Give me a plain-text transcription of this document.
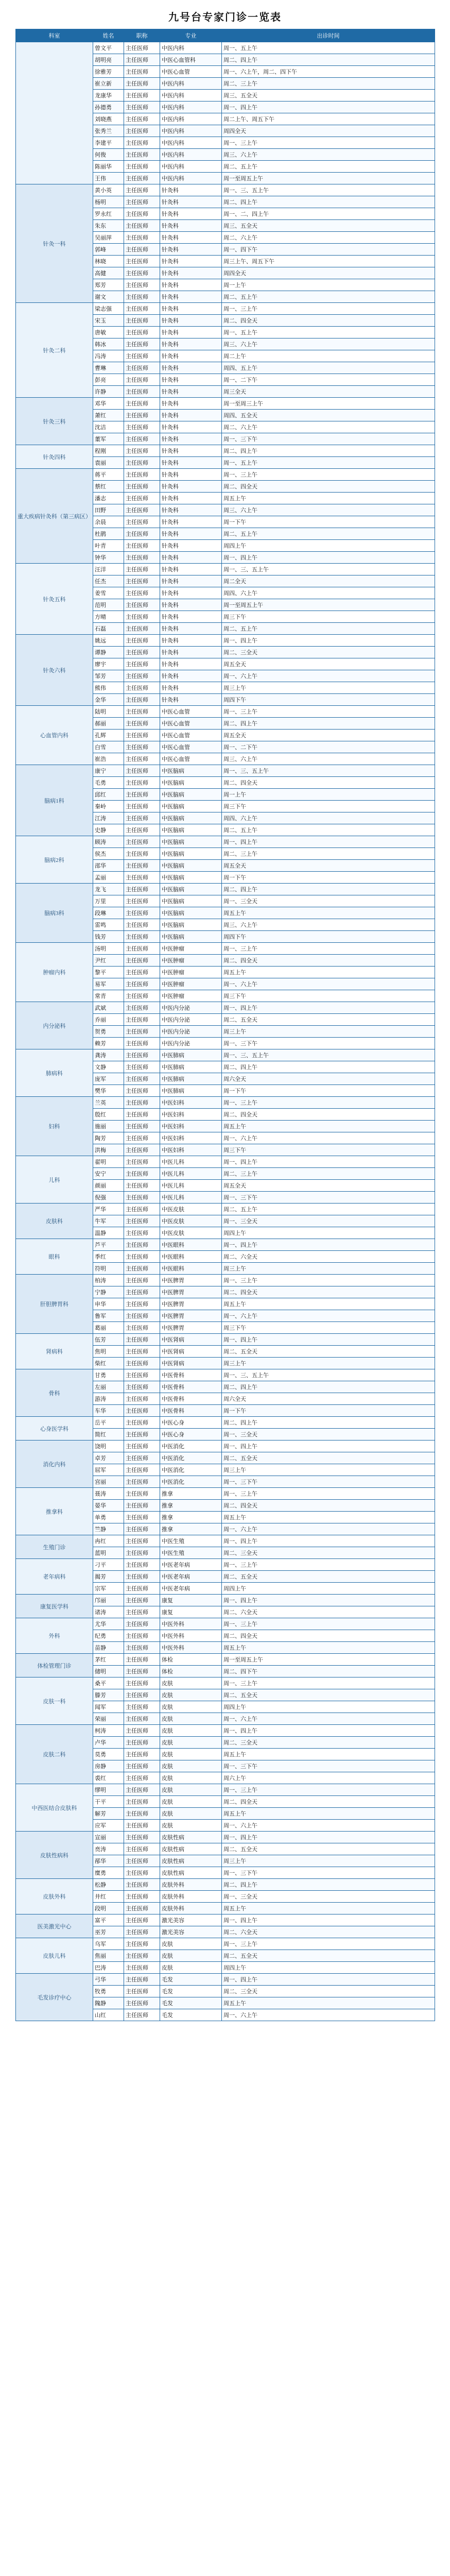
九号台专家门诊一览表
科室	姓名	职称	专业	出诊时间
	曾文平	主任医师	中医内科	周一、五上午
	胡明亮	主任医师	中医心血管科	周二、四上午
	徐雅芳	主任医师	中医心血管	周一、六上午，周二、四下午
	崔立新	主任医师	中医内科	周二、三上午
	龙康华	主任医师	中医内科	周三、五全天
	孙德勇	主任医师	中医内科	周一、四上午
	刘晓燕	主任医师	中医内科	周二上午、周五下午
	张秀兰	主任医师	中医内科	周四全天
	李建平	主任医师	中医内科	周一、三上午
	何俊	主任医师	中医内科	周三、六上午
	陈丽华	主任医师	中医内科	周二、五上午
	王伟	主任医师	中医内科	周一至周五上午
针灸一科	黄小英	主任医师	针灸科	周一、三、五上午
	杨明	主任医师	针灸科	周二、四上午
	罗永红	主任医师	针灸科	周一、二、四上午
	朱东	主任医师	针灸科	周三、五全天
	吴丽萍	主任医师	针灸科	周二、六上午
	郭峰	主任医师	针灸科	周一、四下午
	林晓	主任医师	针灸科	周三上午、周五下午
	高健	主任医师	针灸科	周四全天
	郑芳	主任医师	针灸科	周一上午
	谢文	主任医师	针灸科	周二、五上午
针灸二科	梁志强	主任医师	针灸科	周一、三上午
	宋玉	主任医师	针灸科	周二、四全天
	唐敏	主任医师	针灸科	周一、五上午
	韩冰	主任医师	针灸科	周三、六上午
	冯涛	主任医师	针灸科	周二上午
	曹琳	主任医师	针灸科	周四、五上午
	彭亮	主任医师	针灸科	周一、二下午
	许静	主任医师	针灸科	周三全天
针灸三科	邓华	主任医师	针灸科	周一至周三上午
	萧红	主任医师	针灸科	周四、五全天
	沈洁	主任医师	针灸科	周二、六上午
	董军	主任医师	针灸科	周一、三下午
针灸四科	程刚	主任医师	针灸科	周二、四上午
	袁丽	主任医师	针灸科	周一、五上午
重大疾病针灸科（第三病区）	蒋平	主任医师	针灸科	周一、三上午
	蔡红	主任医师	针灸科	周二、四全天
	潘志	主任医师	针灸科	周五上午
	田野	主任医师	针灸科	周三、六上午
	余晨	主任医师	针灸科	周一下午
	杜鹃	主任医师	针灸科	周二、五上午
	叶青	主任医师	针灸科	周四上午
	钟华	主任医师	针灸科	周一、四上午
针灸五科	汪洋	主任医师	针灸科	周一、三、五上午
	任杰	主任医师	针灸科	周二全天
	姜雪	主任医师	针灸科	周四、六上午
	范明	主任医师	针灸科	周一至周五上午
	方晴	主任医师	针灸科	周三下午
	石磊	主任医师	针灸科	周二、五上午
针灸六科	姚远	主任医师	针灸科	周一、四上午
	谭静	主任医师	针灸科	周二、三全天
	廖宇	主任医师	针灸科	周五全天
	邹芳	主任医师	针灸科	周一、六上午
	熊伟	主任医师	针灸科	周三上午
	金华	主任医师	针灸科	周四下午
心血管内科	陆明	主任医师	中医心血管	周一、三上午
	郝丽	主任医师	中医心血管	周二、四上午
	孔辉	主任医师	中医心血管	周五全天
	白雪	主任医师	中医心血管	周一、二下午
	崔浩	主任医师	中医心血管	周三、六上午
脑病1科	康宁	主任医师	中医脑病	周一、三、五上午
	毛勇	主任医师	中医脑病	周二、四全天
	邱红	主任医师	中医脑病	周一上午
	秦岭	主任医师	中医脑病	周三下午
	江涛	主任医师	中医脑病	周四、六上午
	史静	主任医师	中医脑病	周二、五上午
脑病2科	顾涛	主任医师	中医脑病	周一、四上午
	侯杰	主任医师	中医脑病	周二、三上午
	邵华	主任医师	中医脑病	周五全天
	孟丽	主任医师	中医脑病	周一下午
脑病3科	龙飞	主任医师	中医脑病	周二、四上午
	万里	主任医师	中医脑病	周一、三全天
	段琳	主任医师	中医脑病	周五上午
	雷鸣	主任医师	中医脑病	周三、六上午
	钱芳	主任医师	中医脑病	周四下午
肿瘤内科	汤明	主任医师	中医肿瘤	周一、三上午
	尹红	主任医师	中医肿瘤	周二、四全天
	黎平	主任医师	中医肿瘤	周五上午
	易军	主任医师	中医肿瘤	周一、六上午
	常青	主任医师	中医肿瘤	周三下午
内分泌科	武斌	主任医师	中医内分泌	周一、四上午
	乔丽	主任医师	中医内分泌	周二、五全天
	贺勇	主任医师	中医内分泌	周三上午
	赖芳	主任医师	中医内分泌	周一、三下午
肺病科	龚涛	主任医师	中医肺病	周一、三、五上午
	文静	主任医师	中医肺病	周二、四上午
	庞军	主任医师	中医肺病	周六全天
	樊华	主任医师	中医肺病	周一下午
妇科	兰英	主任医师	中医妇科	周一、三上午
	殷红	主任医师	中医妇科	周二、四全天
	施丽	主任医师	中医妇科	周五上午
	陶芳	主任医师	中医妇科	周一、六上午
	洪梅	主任医师	中医妇科	周三下午
儿科	翟明	主任医师	中医儿科	周一、四上午
	安宁	主任医师	中医儿科	周二、三上午
	颜丽	主任医师	中医儿科	周五全天
	倪强	主任医师	中医儿科	周一、三下午
皮肤科	严华	主任医师	中医皮肤	周二、五上午
	牛军	主任医师	中医皮肤	周一、三全天
	温静	主任医师	中医皮肤	周四上午
眼科	芦平	主任医师	中医眼科	周一、四上午
	季红	主任医师	中医眼科	周二、六全天
	符明	主任医师	中医眼科	周三上午
肝胆脾胃科	柏涛	主任医师	中医脾胃	周一、三上午
	宁静	主任医师	中医脾胃	周二、四全天
	申华	主任医师	中医脾胃	周五上午
	鲁军	主任医师	中医脾胃	周一、六上午
	葛丽	主任医师	中医脾胃	周三下午
肾病科	伍芳	主任医师	中医肾病	周一、四上午
	焦明	主任医师	中医肾病	周二、五全天
	柴红	主任医师	中医肾病	周三上午
骨科	甘勇	主任医师	中医骨科	周一、三、五上午
	左丽	主任医师	中医骨科	周二、四上午
	游涛	主任医师	中医骨科	周六全天
	车华	主任医师	中医骨科	周一下午
心身医学科	岳平	主任医师	中医心身	周二、四上午
	简红	主任医师	中医心身	周一、三全天
消化内科	饶明	主任医师	中医消化	周一、四上午
	卓芳	主任医师	中医消化	周二、五全天
	屈军	主任医师	中医消化	周三上午
	宫丽	主任医师	中医消化	周一、三下午
推拿科	聂涛	主任医师	推拿	周一、三上午
	晏华	主任医师	推拿	周二、四全天
	单勇	主任医师	推拿	周五上午
	竺静	主任医师	推拿	周一、六上午
生殖门诊	冉红	主任医师	中医生殖	周一、四上午
	蓝明	主任医师	中医生殖	周二、三全天
老年病科	刁平	主任医师	中医老年病	周一、三上午
	揭芳	主任医师	中医老年病	周二、五全天
	宗军	主任医师	中医老年病	周四上午
康复医学科	邝丽	主任医师	康复	周一、四上午
	诸涛	主任医师	康复	周二、六全天
外科	尤华	主任医师	中医外科	周一、三上午
	纪勇	主任医师	中医外科	周二、四全天
	苗静	主任医师	中医外科	周五上午
体检管理门诊	茅红	主任医师	体检	周一至周五上午
	储明	主任医师	体检	周二、四下午
皮肤一科	桑平	主任医师	皮肤	周一、三上午
	滕芳	主任医师	皮肤	周二、五全天
	闻军	主任医师	皮肤	周四上午
	荣丽	主任医师	皮肤	周一、六上午
皮肤二科	柯涛	主任医师	皮肤	周一、四上午
	卢华	主任医师	皮肤	周二、三全天
	莫勇	主任医师	皮肤	周五上午
	房静	主任医师	皮肤	周一、三下午
	裘红	主任医师	皮肤	周六上午
中西医结合皮肤科	缪明	主任医师	皮肤	周一、三上午
	干平	主任医师	皮肤	周二、四全天
	解芳	主任医师	皮肤	周五上午
	应军	主任医师	皮肤	周一、六上午
皮肤性病科	宣丽	主任医师	皮肤性病	周一、四上午
	贲涛	主任医师	皮肤性病	周二、五全天
	邴华	主任医师	皮肤性病	周三上午
	糜勇	主任医师	皮肤性病	周一、三下午
皮肤外科	松静	主任医师	皮肤外科	周二、四上午
	井红	主任医师	皮肤外科	周一、三全天
	段明	主任医师	皮肤外科	周五上午
医美激光中心	富平	主任医师	激光美容	周一、四上午
	巫芳	主任医师	激光美容	周二、六全天
皮肤儿科	乌军	主任医师	皮肤	周一、三上午
	焦丽	主任医师	皮肤	周二、五全天
	巴涛	主任医师	皮肤	周四上午
毛发诊疗中心	弓华	主任医师	毛发	周一、四上午
	牧勇	主任医师	毛发	周二、三全天
	隗静	主任医师	毛发	周五上午
	山红	主任医师	毛发	周一、六上午
